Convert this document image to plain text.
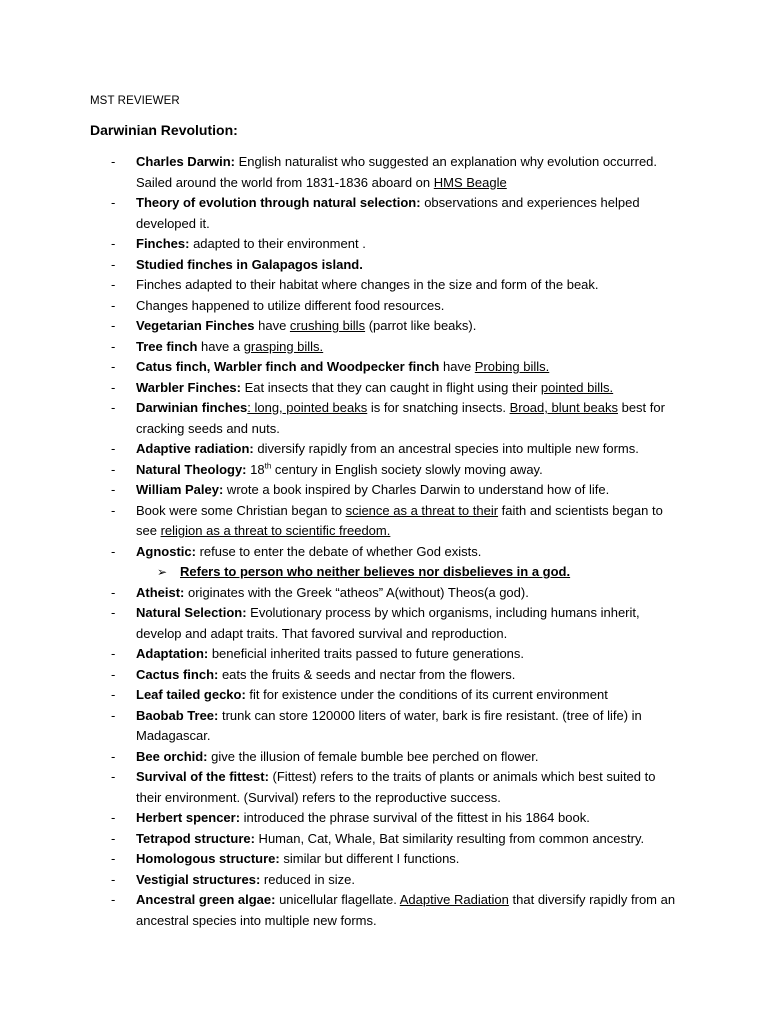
MST REVIEWER
Darwinian Revolution:
- Charles Darwin: English naturalist who suggested an explanation why evolution occurred. Sailed around the world from 1831-1836 aboard on HMS Beagle
- Theory of evolution through natural selection: observations and experiences helped developed it.
- Finches: adapted to their environment .
- Studied finches in Galapagos island.
- Finches adapted to their habitat where changes in the size and form of the beak.
- Changes happened to utilize different food resources.
- Vegetarian Finches have crushing bills (parrot like beaks).
- Tree finch have a grasping bills.
- Catus finch, Warbler finch and Woodpecker finch have Probing bills.
- Warbler Finches: Eat insects that they can caught in flight using their pointed bills.
- Darwinian finches: long, pointed beaks is for snatching insects. Broad, blunt beaks best for cracking seeds and nuts.
- Adaptive radiation: diversify rapidly from an ancestral species into multiple new forms.
- Natural Theology: 18th century in English society slowly moving away.
- William Paley: wrote a book inspired by Charles Darwin to understand how of life.
- Book were some Christian began to science as a threat to their faith and scientists began to see religion as a threat to scientific freedom.
- Agnostic: refuse to enter the debate of whether God exists.
➢ Refers to person who neither believes nor disbelieves in a god.
- Atheist: originates with the Greek “atheos” A(without) Theos(a god).
- Natural Selection: Evolutionary process by which organisms, including humans inherit, develop and adapt traits. That favored survival and reproduction.
- Adaptation: beneficial inherited traits passed to future generations.
- Cactus finch: eats the fruits & seeds and nectar from the flowers.
- Leaf tailed gecko: fit for existence under the conditions of its current environment
- Baobab Tree: trunk can store 120000 liters of water, bark is fire resistant. (tree of life) in Madagascar.
- Bee orchid: give the illusion of female bumble bee perched on flower.
- Survival of the fittest: (Fittest) refers to the traits of plants or animals which best suited to their environment. (Survival) refers to the reproductive success.
- Herbert spencer: introduced the phrase survival of the fittest in his 1864 book.
- Tetrapod structure: Human, Cat, Whale, Bat similarity resulting from common ancestry.
- Homologous structure: similar but different I functions.
- Vestigial structures: reduced in size.
- Ancestral green algae: unicellular flagellate. Adaptive Radiation that diversify rapidly from an ancestral species into multiple new forms.
